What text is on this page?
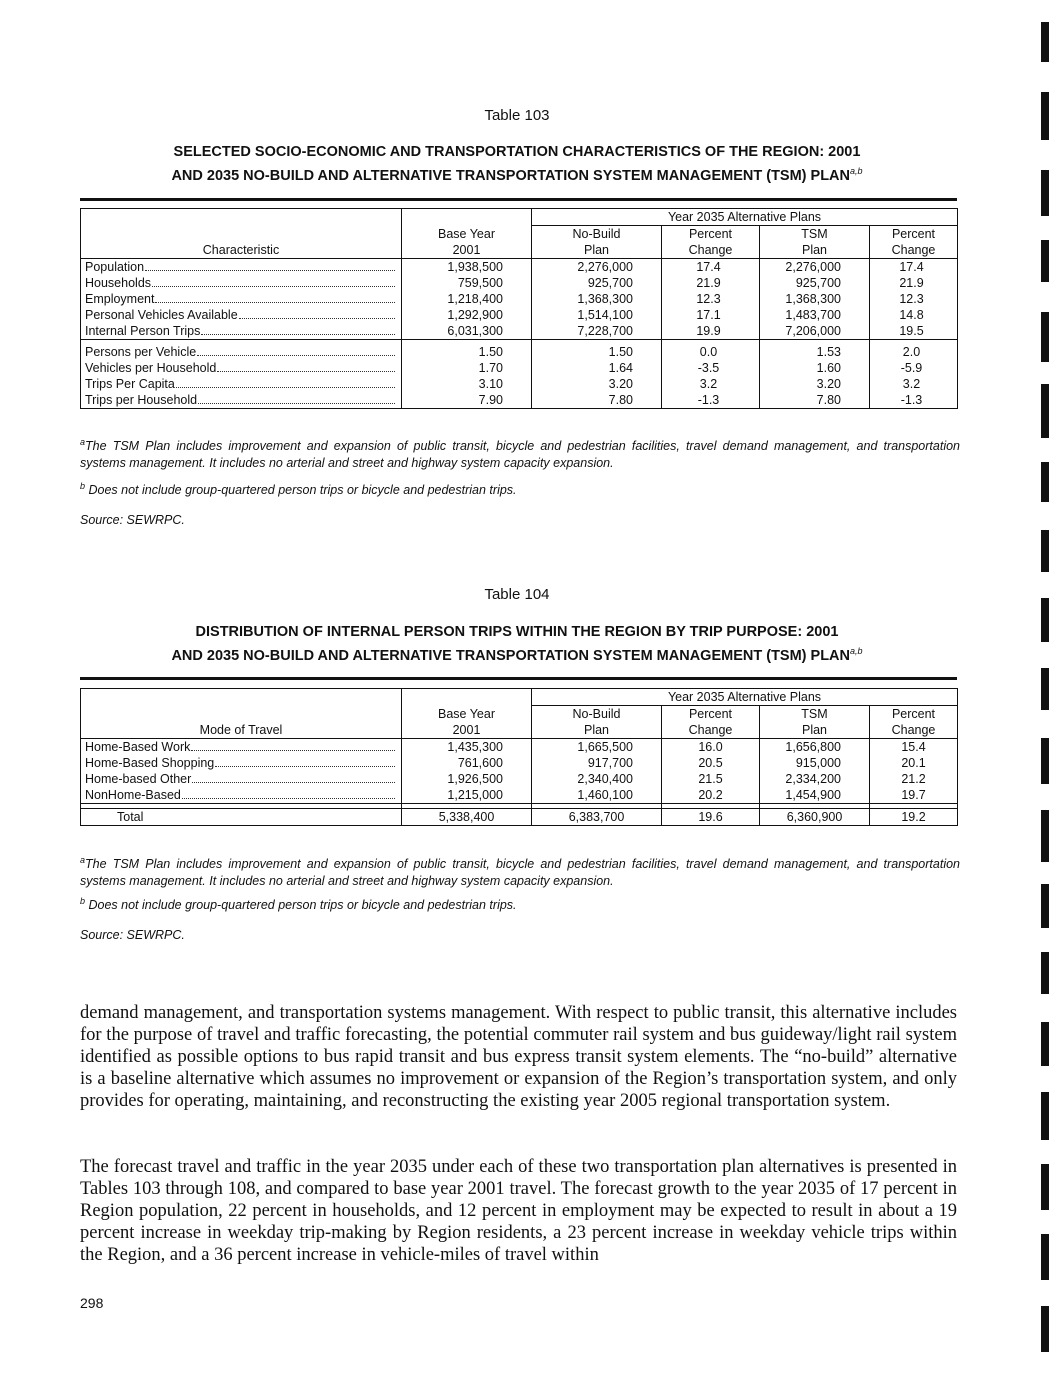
Table 103
SELECTED SOCIO-ECONOMIC AND TRANSPORTATION CHARACTERISTICS OF THE REGION: 2001
AND 2035 NO-BUILD AND ALTERNATIVE TRANSPORTATION SYSTEM MANAGEMENT (TSM) PLAN$^{a,b}$
		Year 2035 Alternative Plans			
	Base Year	No-Build	Percent	TSM	Percent
Characteristic	2001	Plan	Change	Plan	Change

Population	1,938,500	2,276,000	17.4	2,276,000	17.4

Households	759,500	925,700	21.9	925,700	21.9

Employment	1,218,400	1,368,300	12.3	1,368,300	12.3

Personal Vehicles Available	1,292,900	1,514,100	17.1	1,483,700	14.8

Internal Person Trips	6,031,300	7,228,700	19.9	7,206,000	19.5

Persons per Vehicle	1.50	1.50	0.0	1.53	2.0

Vehicles per Household	1.70	1.64	-3.5	1.60	-5.9

Trips Per Capita	3.10	3.20	3.2	3.20	3.2

Trips per Household	7.90	7.80	-1.3	7.80	-1.3
$^a$The TSM Plan includes improvement and expansion of public transit, bicycle and pedestrian facilities, travel demand management, and transportation systems management. It includes no arterial and street and highway system capacity expansion.
$^b$ Does not include group-quartered person trips or bicycle and pedestrian trips.
Source: SEWRPC.
Table 104
DISTRIBUTION OF INTERNAL PERSON TRIPS WITHIN THE REGION BY TRIP PURPOSE: 2001
AND 2035 NO-BUILD AND ALTERNATIVE TRANSPORTATION SYSTEM MANAGEMENT (TSM) PLAN$^{a,b}$
		Year 2035 Alternative Plans			
	Base Year	No-Build	Percent	TSM	Percent
Mode of Travel	2001	Plan	Change	Plan	Change

Home-Based Work	1,435,300	1,665,500	16.0	1,656,800	15.4

Home-Based Shopping	761,600	917,700	20.5	915,000	20.1

Home-based Other	1,926,500	2,340,400	21.5	2,334,200	21.2

NonHome-Based	1,215,000	1,460,100	20.2	1,454,900	19.7

Total	5,338,400	6,383,700	19.6	6,360,900	19.2
$^a$The TSM Plan includes improvement and expansion of public transit, bicycle and pedestrian facilities, travel demand management, and transportation systems management. It includes no arterial and street and highway system capacity expansion.
$^b$ Does not include group-quartered person trips or bicycle and pedestrian trips.
Source: SEWRPC.
demand management, and transportation systems management. With respect to public transit, this alternative includes for the purpose of travel and traffic forecasting, the potential commuter rail system and bus guideway/light rail system identified as possible options to bus rapid transit and bus express transit system elements. The “no-build” alternative is a baseline alternative which assumes no improvement or expansion of the Region’s transportation system, and only provides for operating, maintaining, and reconstructing the existing year 2005 regional transportation system.
The forecast travel and traffic in the year 2035 under each of these two transportation plan alternatives is presented in Tables 103 through 108, and compared to base year 2001 travel. The forecast growth to the year 2035 of 17 percent in Region population, 22 percent in households, and 12 percent in employment may be expected to result in about a 19 percent increase in weekday trip-making by Region residents, a 23 percent increase in weekday vehicle trips within the Region, and a 36 percent increase in vehicle-miles of travel within
298
